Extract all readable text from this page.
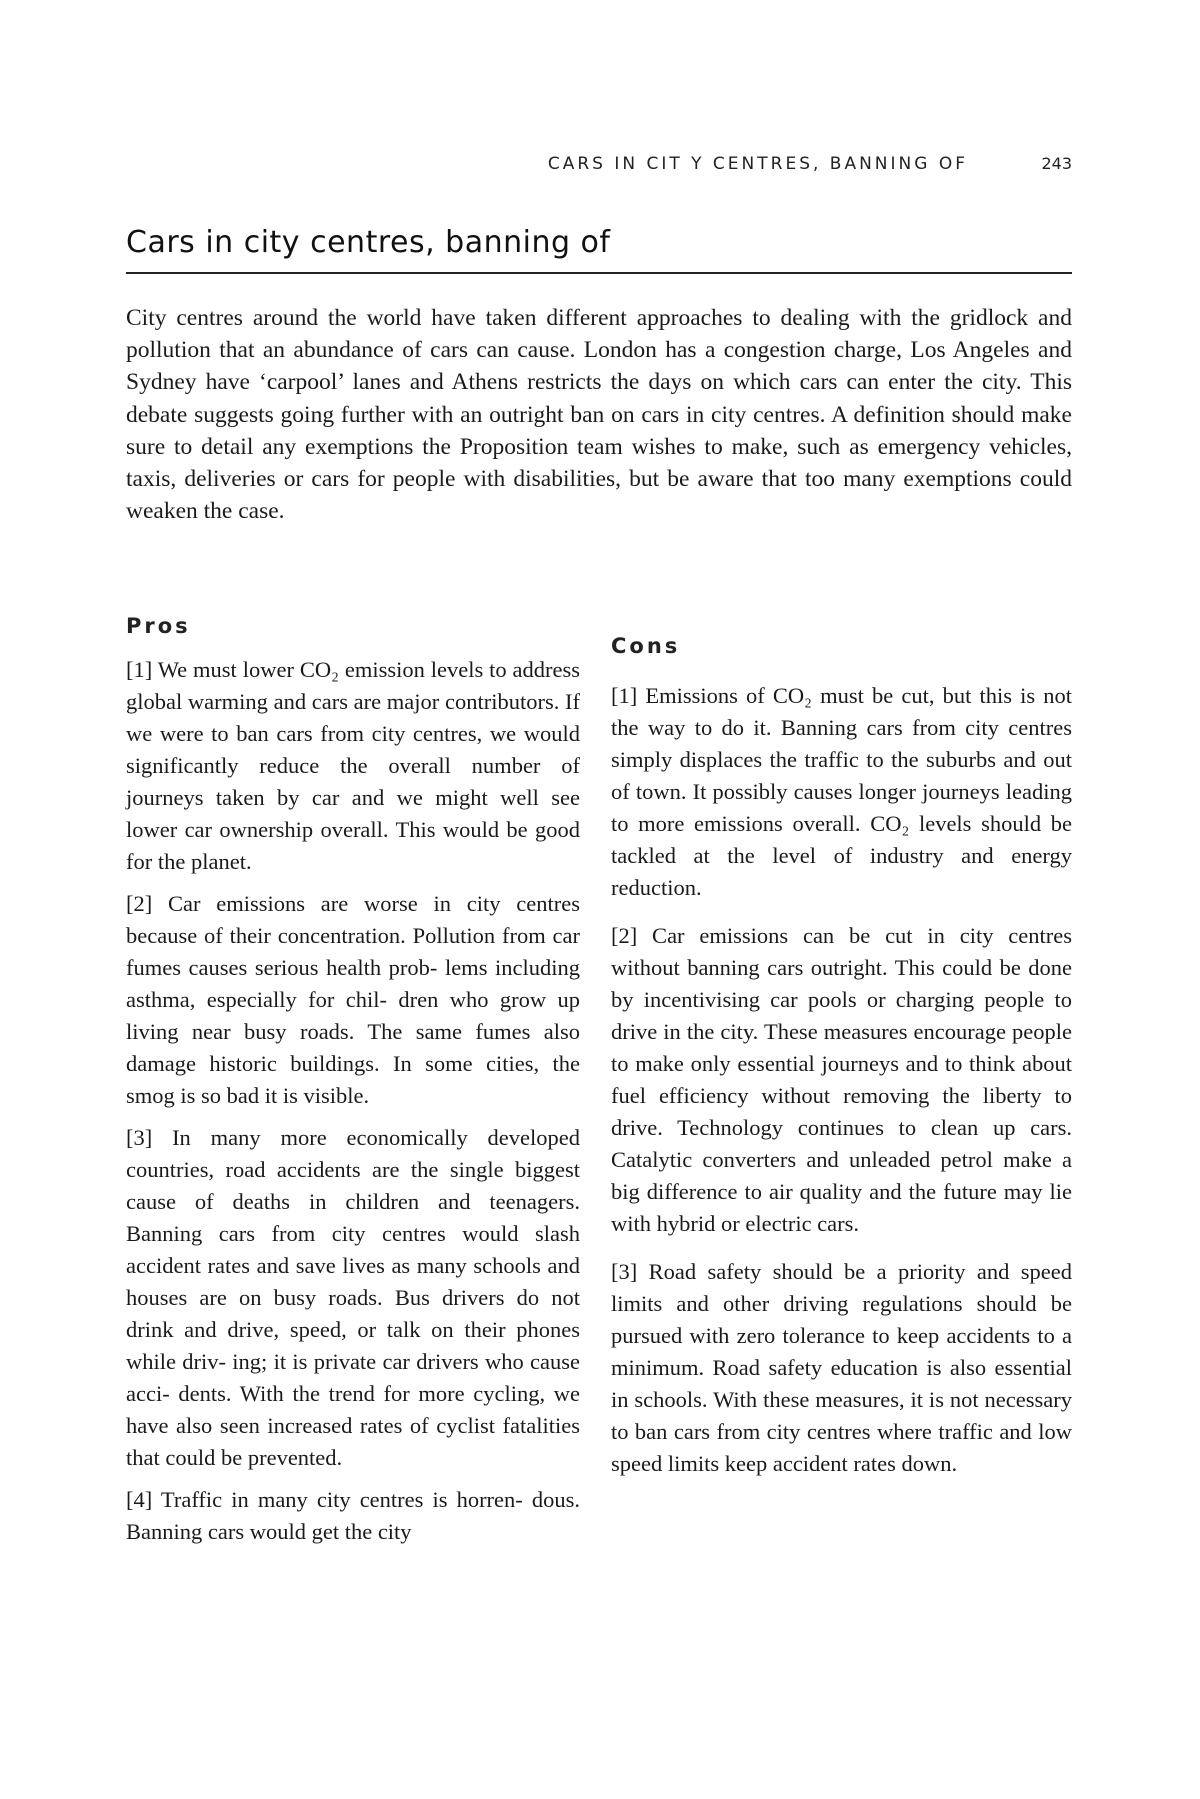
CARS IN CIT Y CENTRES, BANNING OF	243
Cars in city centres, banning of

City centres around the world have taken different approaches to dealing with the gridlock and pollution that an abundance of cars can cause. London has a congestion charge, Los Angeles and Sydney have ‘carpool’ lanes and Athens restricts the days on which cars can enter the city. This debate suggests going further with an outright ban on cars in city centres. A definition should make sure to detail any exemptions the Proposition team wishes to make, such as emergency vehicles, taxis, deliveries or cars for people with disabilities, but be aware that too many exemptions could weaken the case.

Pros

[1] We must lower CO₂ emission levels to address global warming and cars are major contributors. If we were to ban cars from city centres, we would significantly reduce the overall number of journeys taken by car and we might well see lower car ownership overall. This would be good for the planet.

[2] Car emissions are worse in city centres because of their concentration. Pollution from car fumes causes serious health prob- lems including asthma, especially for chil- dren who grow up living near busy roads. The same fumes also damage historic buildings. In some cities, the smog is so bad it is visible.

[3] In many more economically developed countries, road accidents are the single biggest cause of deaths in children and teenagers. Banning cars from city centres would slash accident rates and save lives as many schools and houses are on busy roads. Bus drivers do not drink and drive, speed, or talk on their phones while driv- ing; it is private car drivers who cause acci- dents. With the trend for more cycling, we have also seen increased rates of cyclist fatalities that could be prevented.

[4] Traffic in many city centres is horren- dous. Banning cars would get the city

Cons

[1] Emissions of CO₂ must be cut, but this is not the way to do it. Banning cars from city centres simply displaces the traffic to the suburbs and out of town. It possibly causes longer journeys leading to more emissions overall. CO₂ levels should be tackled at the level of industry and energy reduction.

[2] Car emissions can be cut in city centres without banning cars outright. This could be done by incentivising car pools or charging people to drive in the city. These measures encourage people to make only essential journeys and to think about fuel efficiency without removing the liberty to drive. Technology continues to clean up cars. Catalytic converters and unleaded petrol make a big difference to air quality and the future may lie with hybrid or electric cars.

[3] Road safety should be a priority and speed limits and other driving regulations should be pursued with zero tolerance to keep accidents to a minimum. Road safety education is also essential in schools. With these measures, it is not necessary to ban cars from city centres where traffic and low speed limits keep accident rates down.
